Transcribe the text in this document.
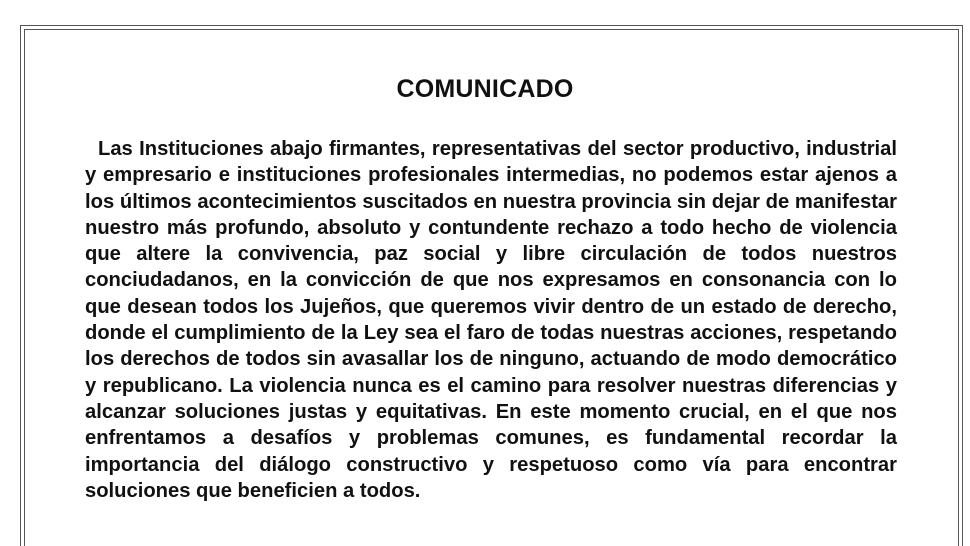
COMUNICADO

Las Instituciones abajo firmantes, representativas del sector productivo, industrial y empresario e instituciones profesionales intermedias, no podemos estar ajenos a los últimos acontecimientos suscitados en nuestra provincia sin dejar de manifestar nuestro más profundo, absoluto y contundente rechazo a todo hecho de violencia que altere la convivencia, paz social y libre circulación de todos nuestros conciudadanos, en la convicción de que nos expresamos en consonancia con lo que desean todos los Jujeños, que queremos vivir dentro de un estado de derecho, donde el cumplimiento de la Ley sea el faro de todas nuestras acciones, respetando los derechos de todos sin avasallar los de ninguno, actuando de modo democrático y republicano. La violencia nunca es el camino para resolver nuestras diferencias y alcanzar soluciones justas y equitativas. En este momento crucial, en el que nos enfrentamos a desafíos y problemas comunes, es fundamental recordar la importancia del diálogo constructivo y respetuoso como vía para encontrar soluciones que beneficien a todos.
